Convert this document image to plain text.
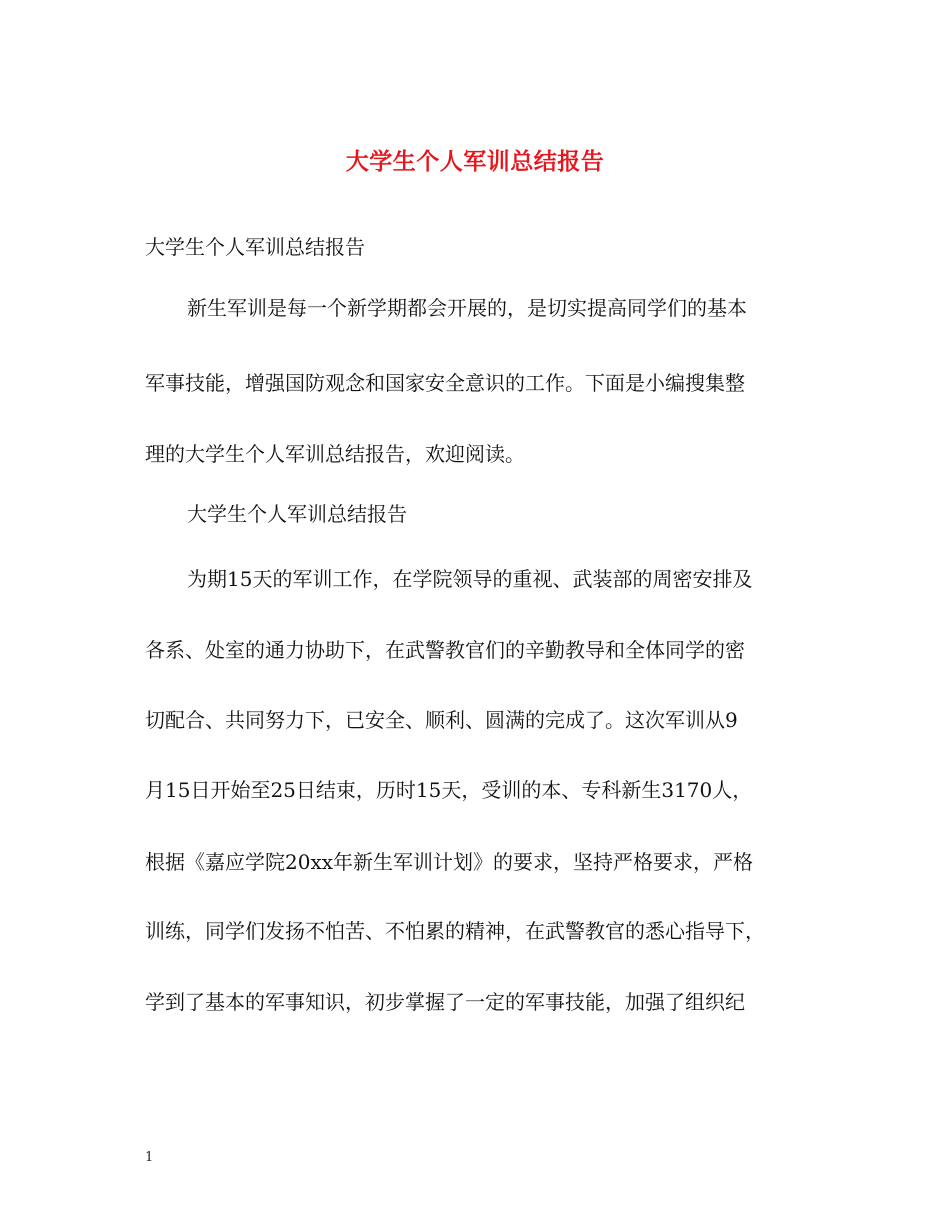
大学生个人军训总结报告
大学生个人军训总结报告
新生军训是每一个新学期都会开展的，是切实提高同学们的基本
军事技能，增强国防观念和国家安全意识的工作。下面是小编搜集整
理的大学生个人军训总结报告，欢迎阅读。
大学生个人军训总结报告
为期15天的军训工作，在学院领导的重视、武装部的周密安排及
各系、处室的通力协助下，在武警教官们的辛勤教导和全体同学的密
切配合、共同努力下，已安全、顺利、圆满的完成了。这次军训从9
月15日开始至25日结束，历时15天，受训的本、专科新生3170人，
根据《嘉应学院20xx年新生军训计划》的要求，坚持严格要求，严格
训练，同学们发扬不怕苦、不怕累的精神，在武警教官的悉心指导下，
学到了基本的军事知识，初步掌握了一定的军事技能，加强了组织纪
1
